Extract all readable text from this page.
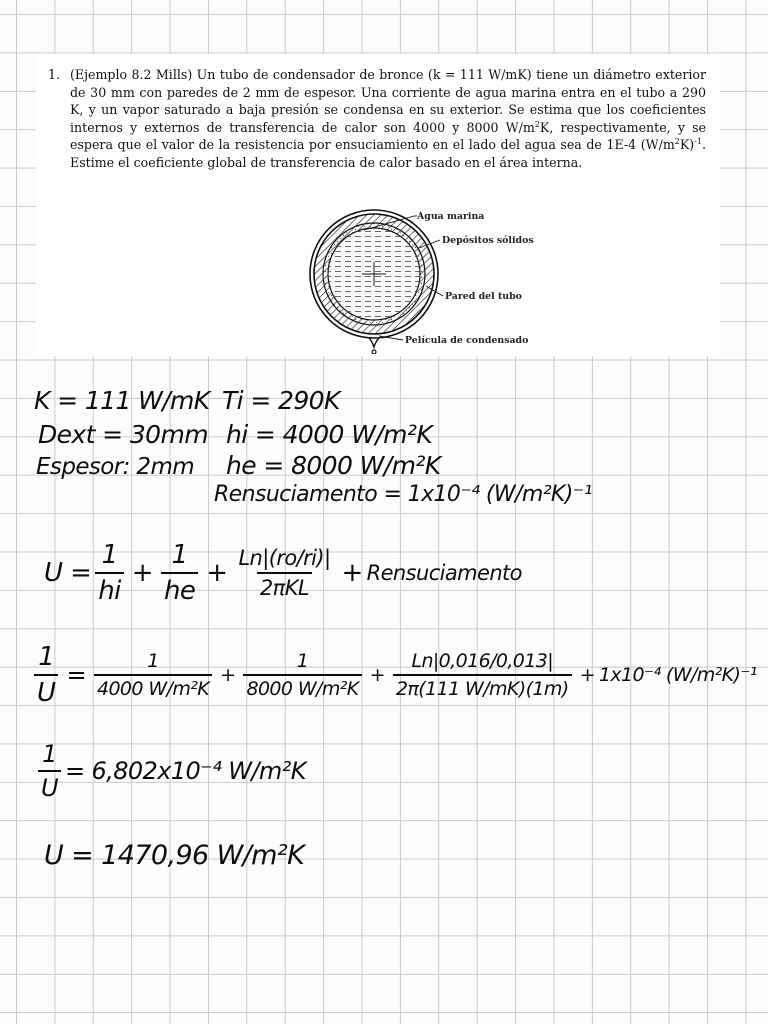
1. (Ejemplo 8.2 Mills) Un tubo de condensador de bronce (k = 111 W/mK) tiene un diámetro exterior de 30 mm con paredes de 2 mm de espesor. Una corriente de agua marina entra en el tubo a 290 K, y un vapor saturado a baja presión se condensa en su exterior. Se estima que los coeficientes internos y externos de transferencia de calor son 4000 y 8000 $W/m^2K$, respectivamente, y se espera que el valor de la resistencia por ensuciamiento en el lado del agua sea de 1E-4 $(W/m^2K)^{-1}$. Estime el coeficiente global de transferencia de calor basado en el área interna.
Agua marina
Depósitos sólidos
Pared del tubo
Película de condensado
K = 111 W/mK
Dext = 30mm
Espesor: 2mm
Ti = 290K
hi = 4000 W/m²K
he = 8000 W/m²K
Rensuciamento = 1x10⁻⁴ (W/m²K)⁻¹
$U = \frac{1}{hi} + \frac{1}{he} + \frac{Ln|(ro/ri)|}{\text{2πKL}}$ + Rensuciamento
$\frac{1}{U} = \frac{1}{\text{4000 W/m²K}} + \frac{1}{\text{8000 W/m²K}} + \frac{Ln|0,016/0,013|}{2\pi(111 W/mK)(1m)} + 1x10^{-4}$ (W/m²K)⁻¹
$\frac{1}{U} = 6,802x10^{-4}$ W/m²K
U = 1470,96 W/m²K
